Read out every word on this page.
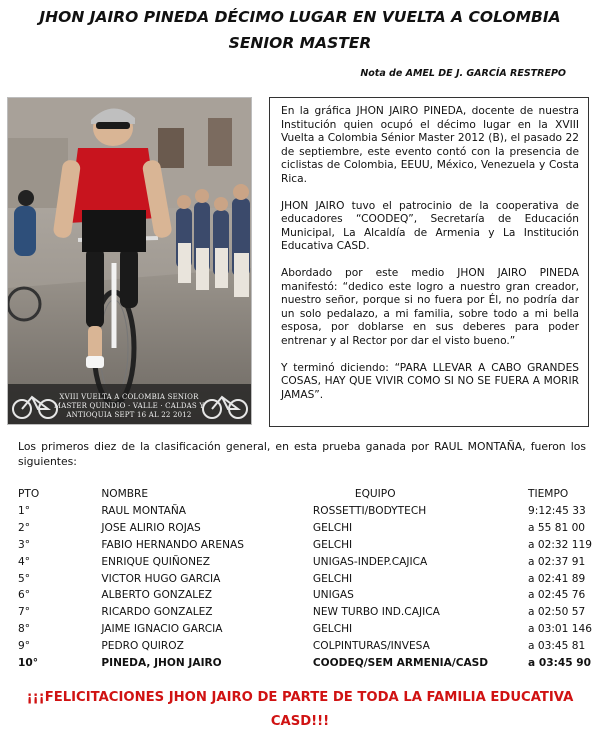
JHON JAIRO PINEDA DÉCIMO LUGAR EN VUELTA A COLOMBIA SENIOR MASTER
Nota de AMEL DE J. GARCÍA RESTREPO
XVIII VUELTA A COLOMBIA SENIOR MASTER QUINDIO · VALLE · CALDAS Y ANTIOQUIA SEPT 16 AL 22 2012

En la gráfica JHON JAIRO PINEDA, docente de nuestra Institución quien ocupó el décimo lugar en la XVIII Vuelta a Colombia Sénior Master 2012 (B), el pasado 22 de septiembre, este evento contó con la presencia de ciclistas de Colombia, EEUU, México, Venezuela y Costa Rica.

JHON JAIRO tuvo el patrocinio de la cooperativa de educadores “COODEQ”, Secretaría de Educación Municipal, La Alcaldía de Armenia y La Institución Educativa CASD.

Abordado por este medio JHON JAIRO PINEDA manifestó: “dedico este logro a nuestro gran creador, nuestro señor, porque si no fuera por Él, no podría dar un solo pedalazo, a mi familia, sobre todo a mi bella esposa, por doblarse en sus deberes para poder entrenar y al Rector por dar el visto bueno.”

Y terminó diciendo: “PARA LLEVAR A CABO GRANDES COSAS, HAY QUE VIVIR COMO SI NO SE FUERA A MORIR JAMAS”.

Los primeros diez de la clasificación general, en esta prueba ganada por RAUL MONTAÑA, fueron los siguientes:
PTO	NOMBRE	EQUIPO	TIEMPO
1°	RAUL MONTAÑA	ROSSETTI/BODYTECH	9:12:45 33
2°	JOSE ALIRIO ROJAS	GELCHI	a 55 81 00
3°	FABIO HERNANDO ARENAS	GELCHI	a 02:32 119
4°	ENRIQUE QUIÑONEZ	UNIGAS-INDEP.CAJICA	a 02:37 91
5°	VICTOR HUGO GARCIA	GELCHI	a 02:41 89
6°	ALBERTO GONZALEZ	UNIGAS	a 02:45 76
7°	RICARDO GONZALEZ	NEW TURBO IND.CAJICA	a 02:50 57
8°	JAIME IGNACIO GARCIA	GELCHI	a 03:01 146
9°	PEDRO QUIROZ	COLPINTURAS/INVESA	a 03:45 81
10°	PINEDA, JHON JAIRO	COODEQ/SEM ARMENIA/CASD	a 03:45 90
¡¡¡FELICITACIONES JHON JAIRO DE PARTE DE TODA LA FAMILIA EDUCATIVA CASD!!!
